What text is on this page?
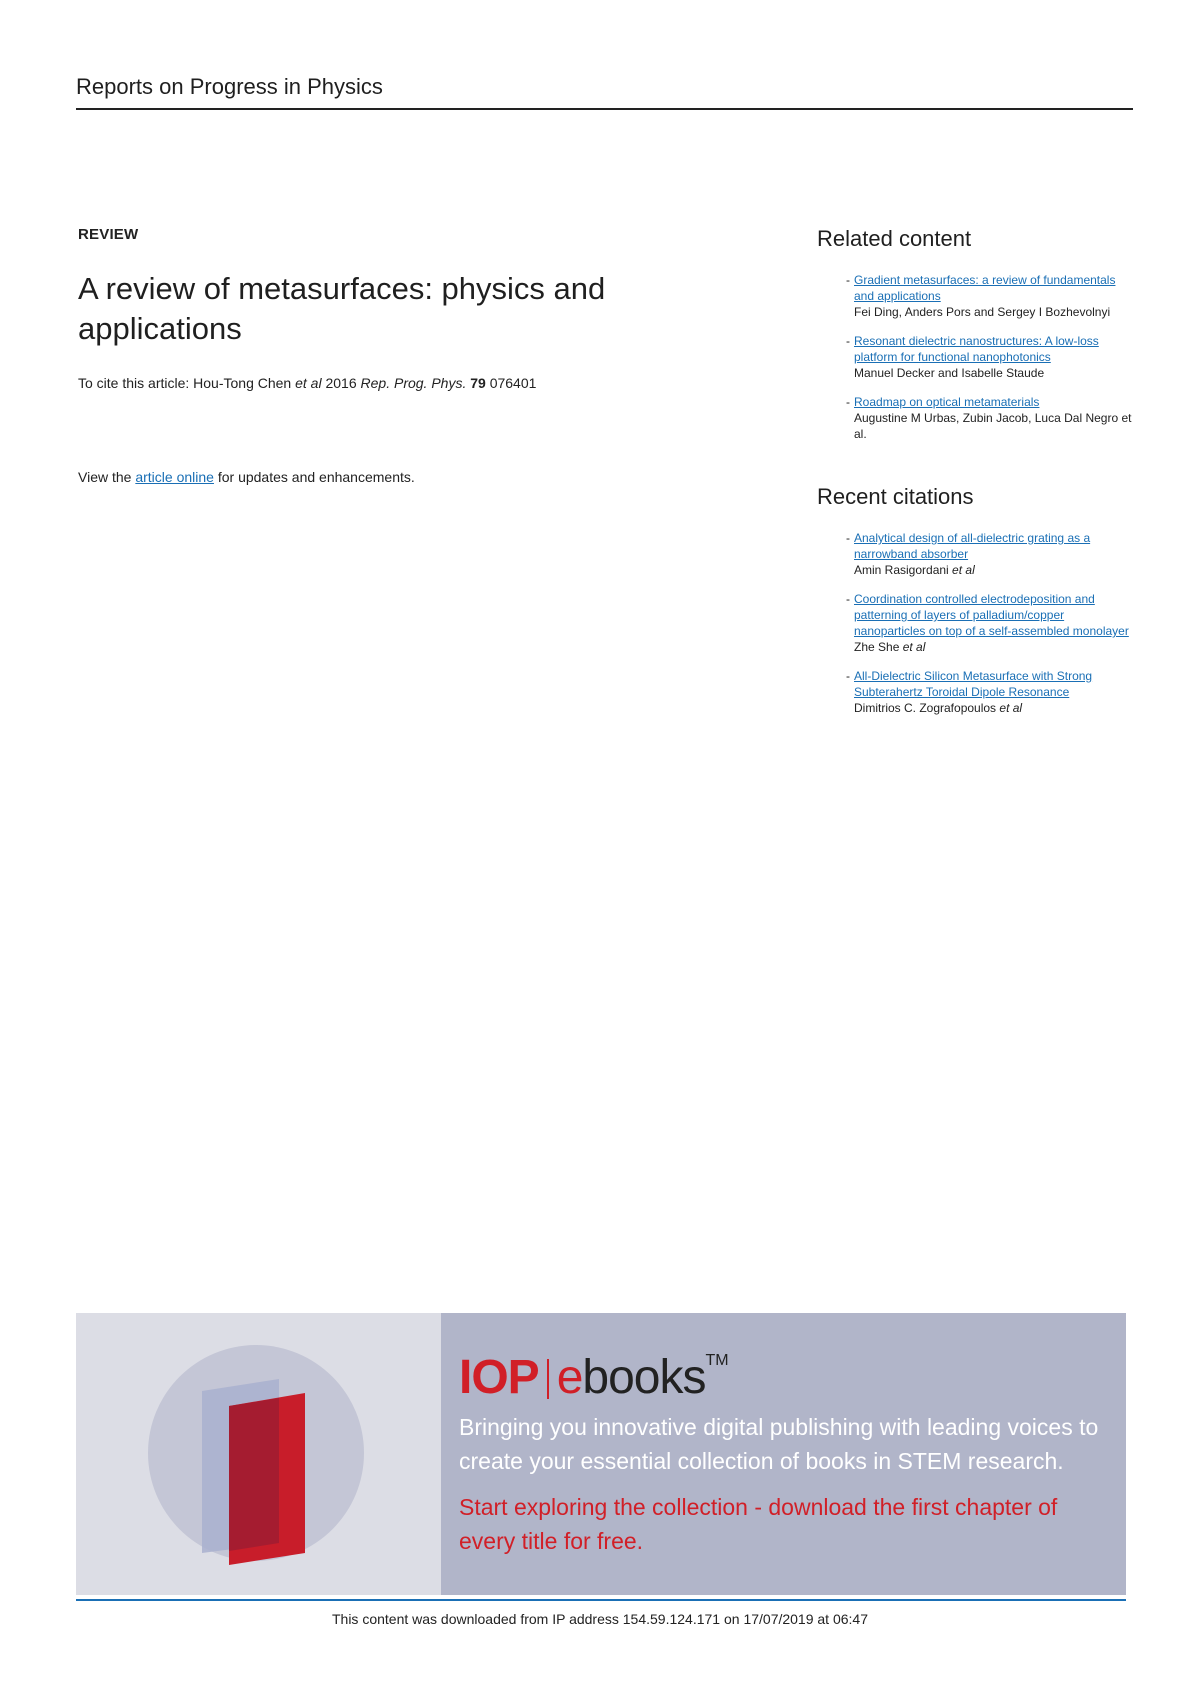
Reports on Progress in Physics
REVIEW
A review of metasurfaces: physics and applications
To cite this article: Hou-Tong Chen et al 2016 Rep. Prog. Phys. 79 076401
View the article online for updates and enhancements.
Related content
- Gradient metasurfaces: a review of fundamentals and applications
Fei Ding, Anders Pors and Sergey I Bozhevolnyi
- Resonant dielectric nanostructures: A low-loss platform for functional nanophotonics
Manuel Decker and Isabelle Staude
- Roadmap on optical metamaterials
Augustine M Urbas, Zubin Jacob, Luca Dal Negro et al.
Recent citations
- Analytical design of all-dielectric grating as a narrowband absorber
Amin Rasigordani et al
- Coordination controlled electrodeposition and patterning of layers of palladium/copper nanoparticles on top of a self-assembled monolayer
Zhe She et al
- All-Dielectric Silicon Metasurface with Strong Subterahertz Toroidal Dipole Resonance
Dimitrios C. Zografopoulos et al
IOP ebooks™
Bringing you innovative digital publishing with leading voices to create your essential collection of books in STEM research.
Start exploring the collection - download the first chapter of every title for free.
This content was downloaded from IP address 154.59.124.171 on 17/07/2019 at 06:47
